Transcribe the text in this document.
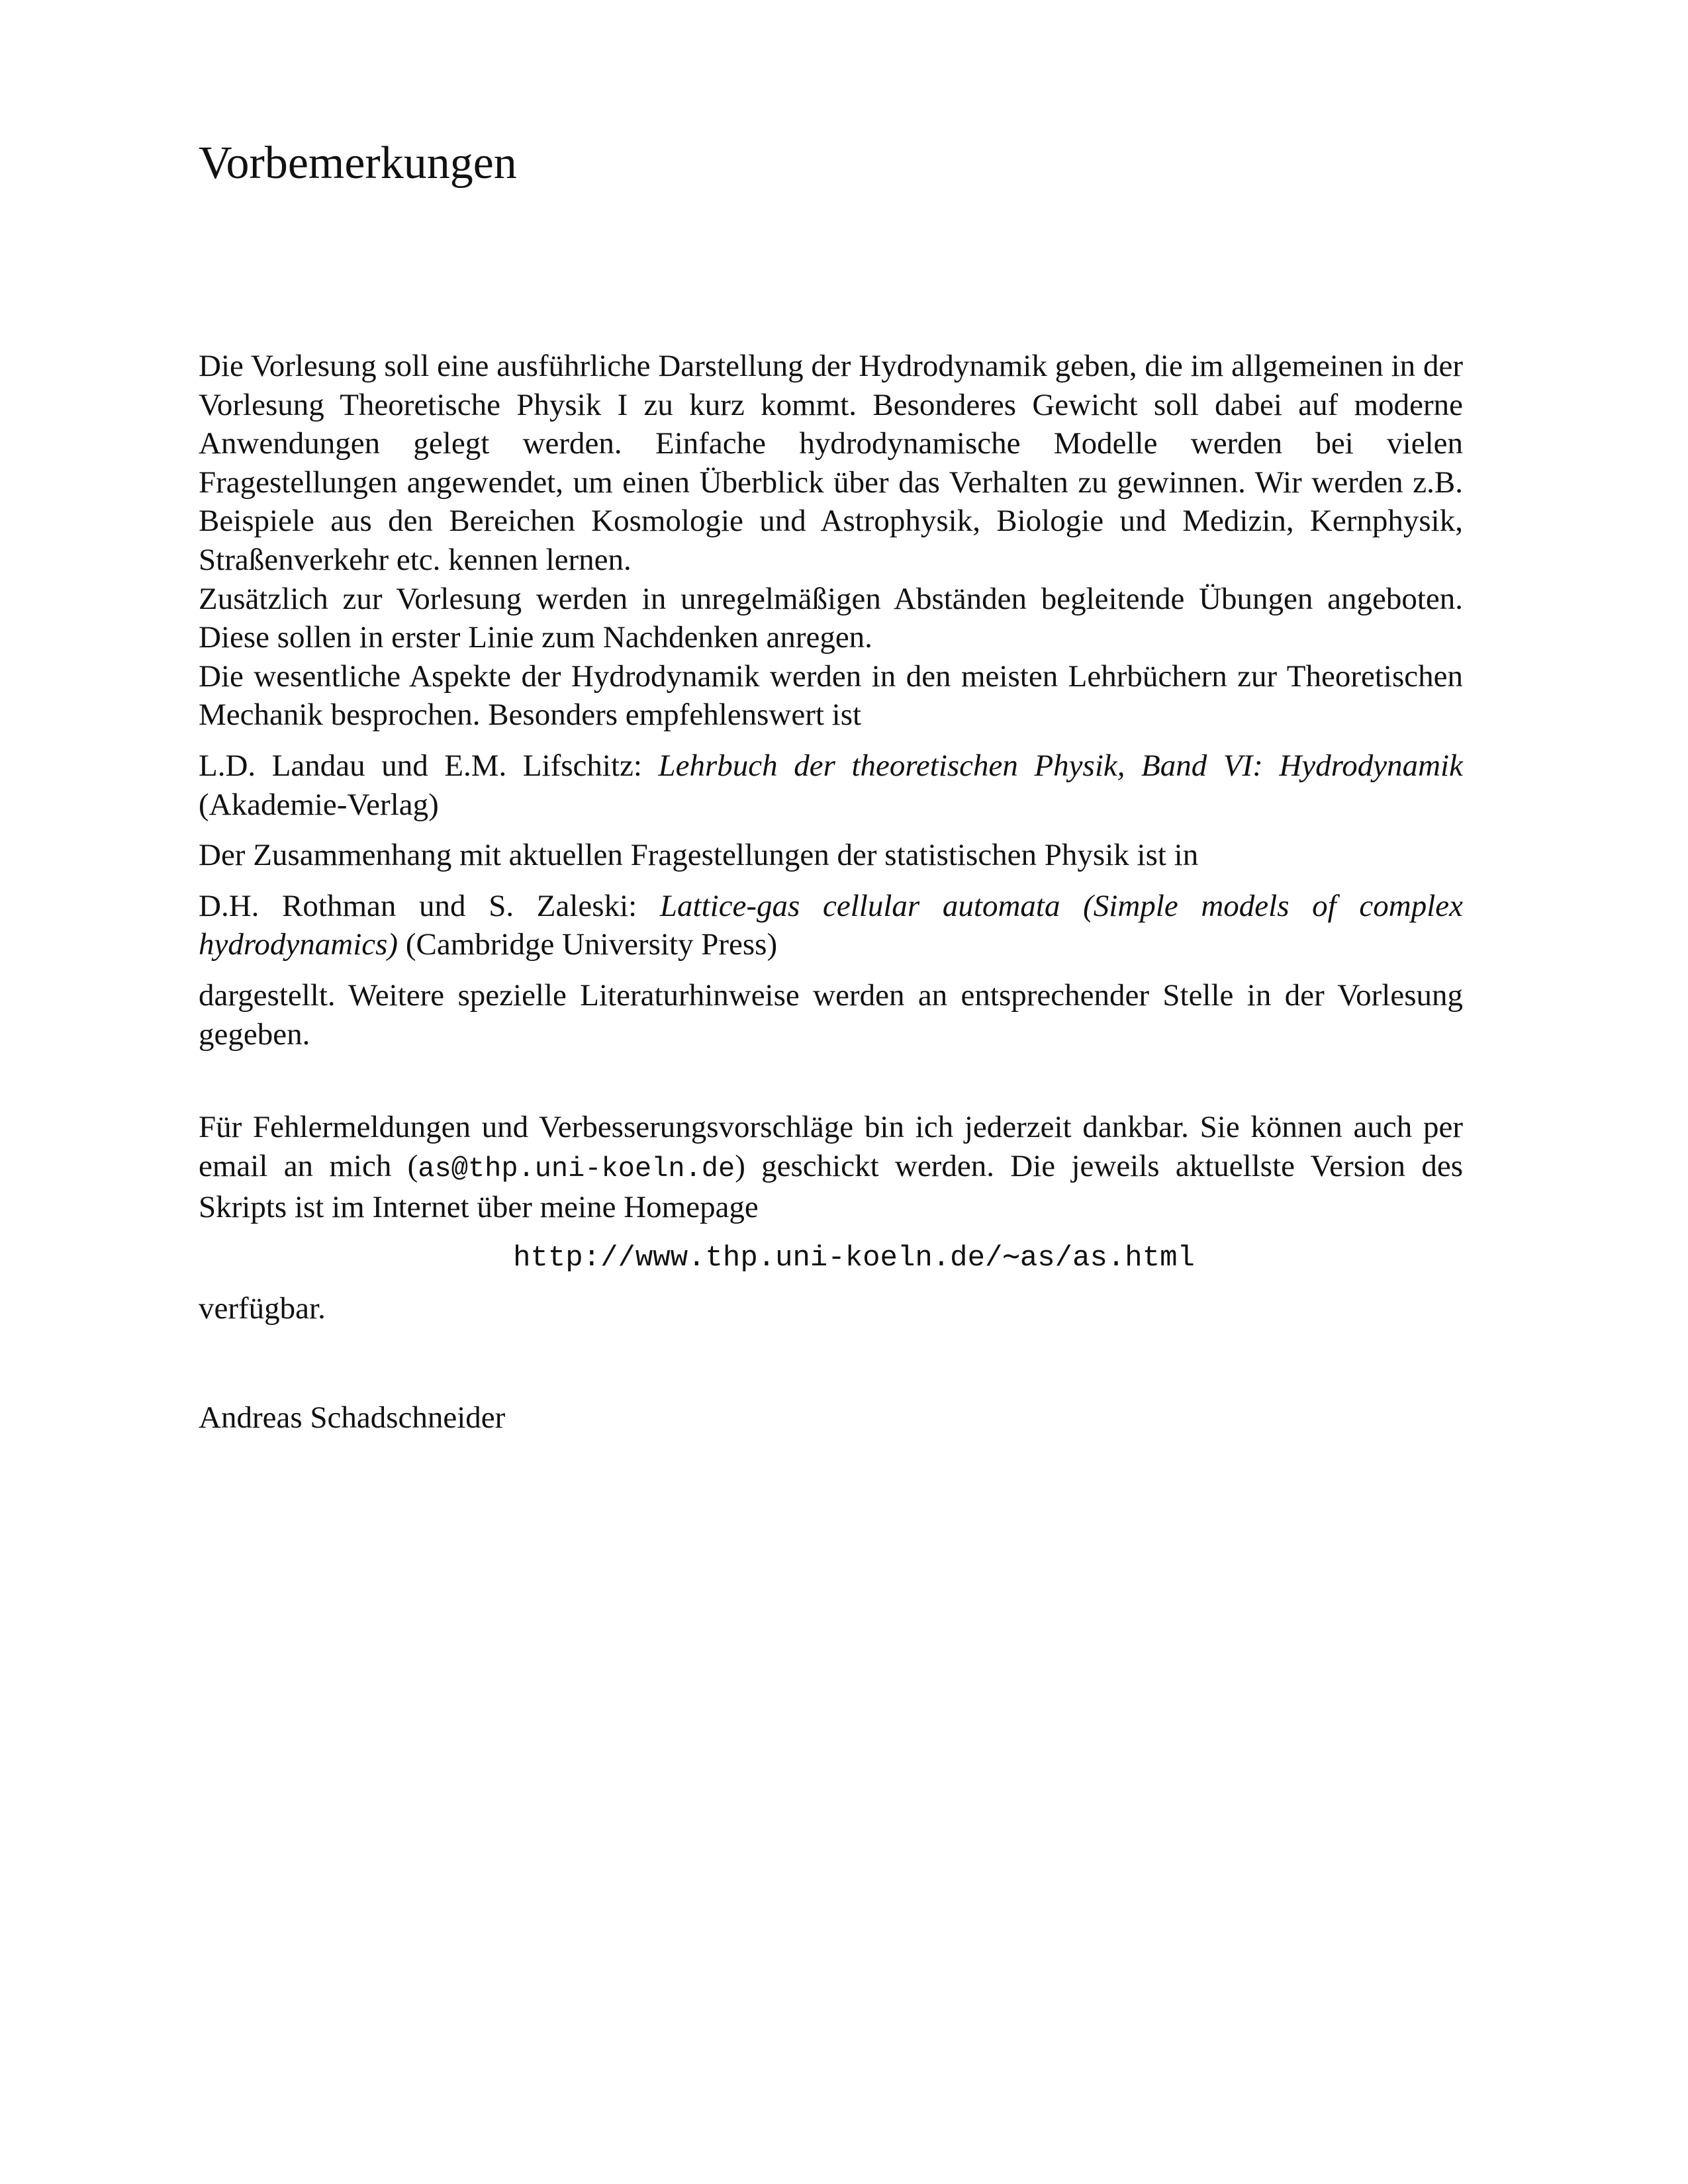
Vorbemerkungen

Die Vorlesung soll eine ausführliche Darstellung der Hydrodynamik geben, die im allgemeinen in der Vorlesung Theoretische Physik I zu kurz kommt. Besonderes Gewicht soll dabei auf moderne Anwendungen gelegt werden. Einfache hydrodynamische Modelle werden bei vielen Fragestellungen angewendet, um einen Überblick über das Verhalten zu gewinnen. Wir werden z.B. Beispiele aus den Bereichen Kosmologie und Astrophysik, Biologie und Medizin, Kernphysik, Straßenverkehr etc. kennen lernen.

Zusätzlich zur Vorlesung werden in unregelmäßigen Abständen begleitende Übungen angeboten. Diese sollen in erster Linie zum Nachdenken anregen.

Die wesentliche Aspekte der Hydrodynamik werden in den meisten Lehrbüchern zur Theoretischen Mechanik besprochen. Besonders empfehlenswert ist

L.D. Landau und E.M. Lifschitz: Lehrbuch der theoretischen Physik, Band VI: Hydrodynamik (Akademie-Verlag)

Der Zusammenhang mit aktuellen Fragestellungen der statistischen Physik ist in

D.H. Rothman und S. Zaleski: Lattice-gas cellular automata (Simple models of complex hydrodynamics) (Cambridge University Press)

dargestellt. Weitere spezielle Literaturhinweise werden an entsprechender Stelle in der Vorlesung gegeben.

Für Fehlermeldungen und Verbesserungsvorschläge bin ich jederzeit dankbar. Sie können auch per email an mich (as@thp.uni-koeln.de) geschickt werden. Die jeweils aktuellste Version des Skripts ist im Internet über meine Homepage

http://www.thp.uni-koeln.de/∼as/as.html

verfügbar.

Andreas Schadschneider
